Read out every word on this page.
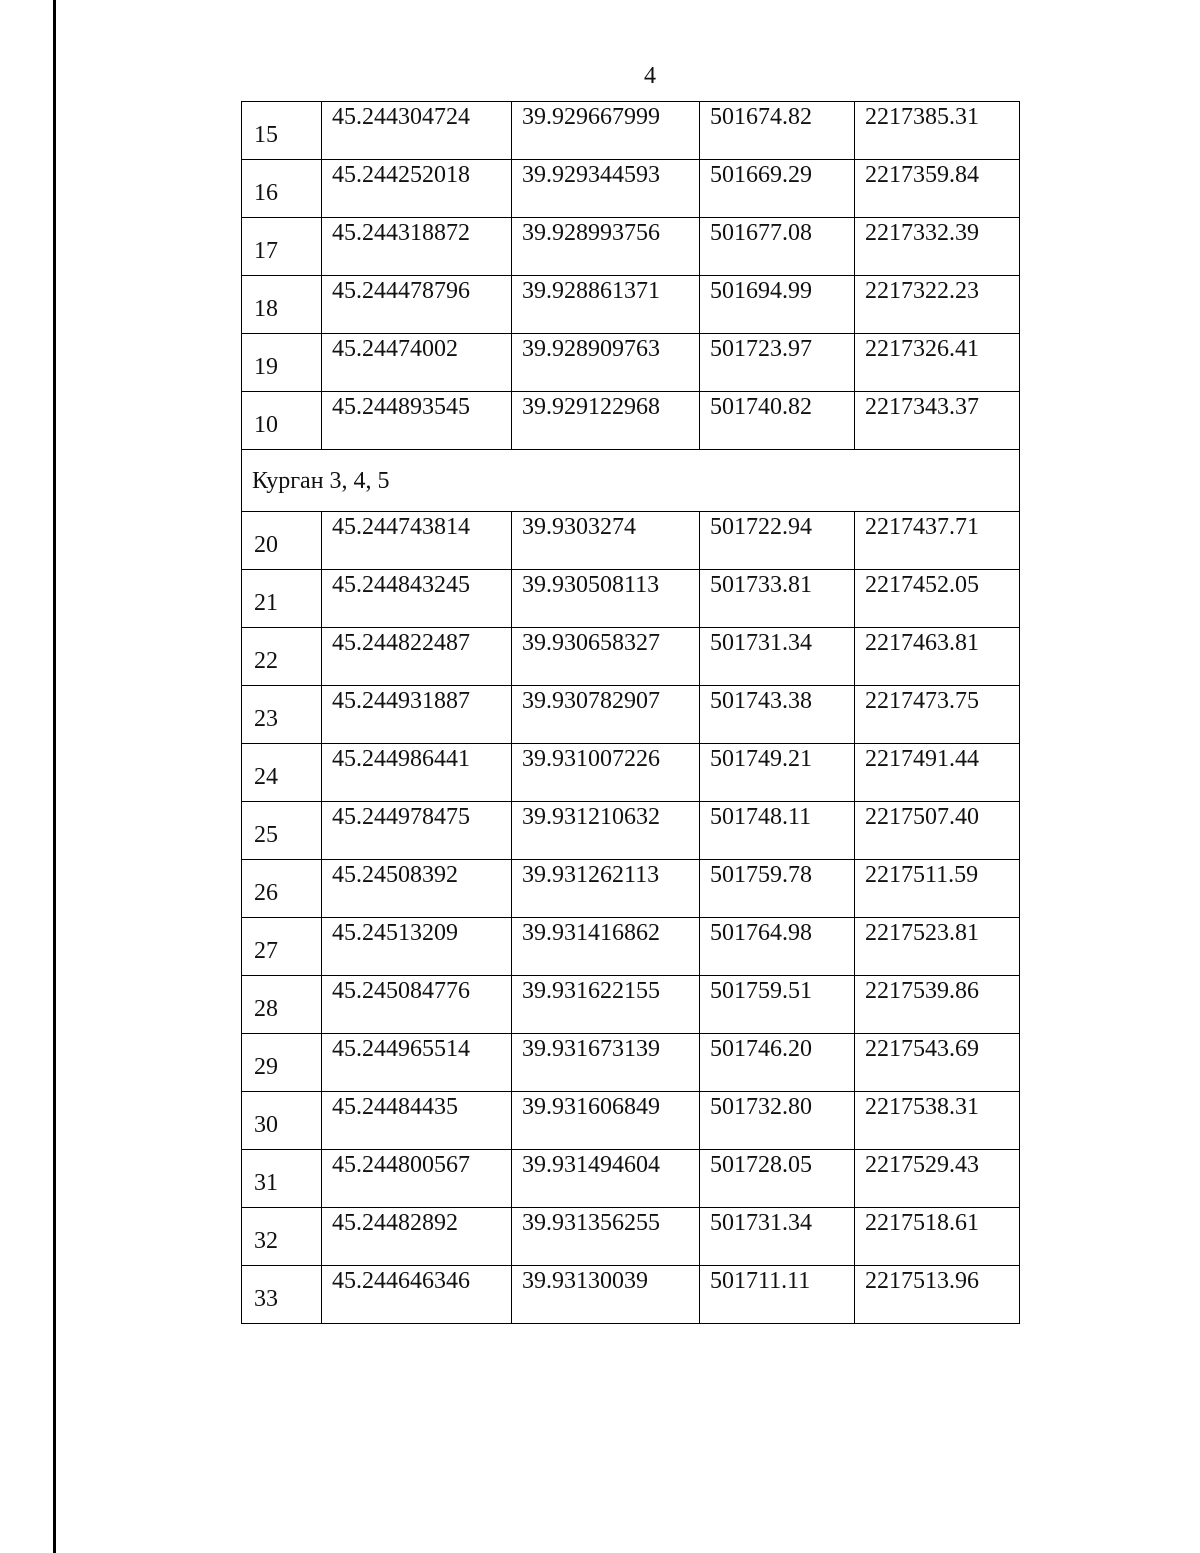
4
15	45.244304724	39.929667999	501674.82	2217385.31
16	45.244252018	39.929344593	501669.29	2217359.84
17	45.244318872	39.928993756	501677.08	2217332.39
18	45.244478796	39.928861371	501694.99	2217322.23
19	45.24474002	39.928909763	501723.97	2217326.41
10	45.244893545	39.929122968	501740.82	2217343.37
Курган 3, 4, 5				
20	45.244743814	39.9303274	501722.94	2217437.71
21	45.244843245	39.930508113	501733.81	2217452.05
22	45.244822487	39.930658327	501731.34	2217463.81
23	45.244931887	39.930782907	501743.38	2217473.75
24	45.244986441	39.931007226	501749.21	2217491.44
25	45.244978475	39.931210632	501748.11	2217507.40
26	45.24508392	39.931262113	501759.78	2217511.59
27	45.24513209	39.931416862	501764.98	2217523.81
28	45.245084776	39.931622155	501759.51	2217539.86
29	45.244965514	39.931673139	501746.20	2217543.69
30	45.24484435	39.931606849	501732.80	2217538.31
31	45.244800567	39.931494604	501728.05	2217529.43
32	45.24482892	39.931356255	501731.34	2217518.61
33	45.244646346	39.93130039	501711.11	2217513.96
